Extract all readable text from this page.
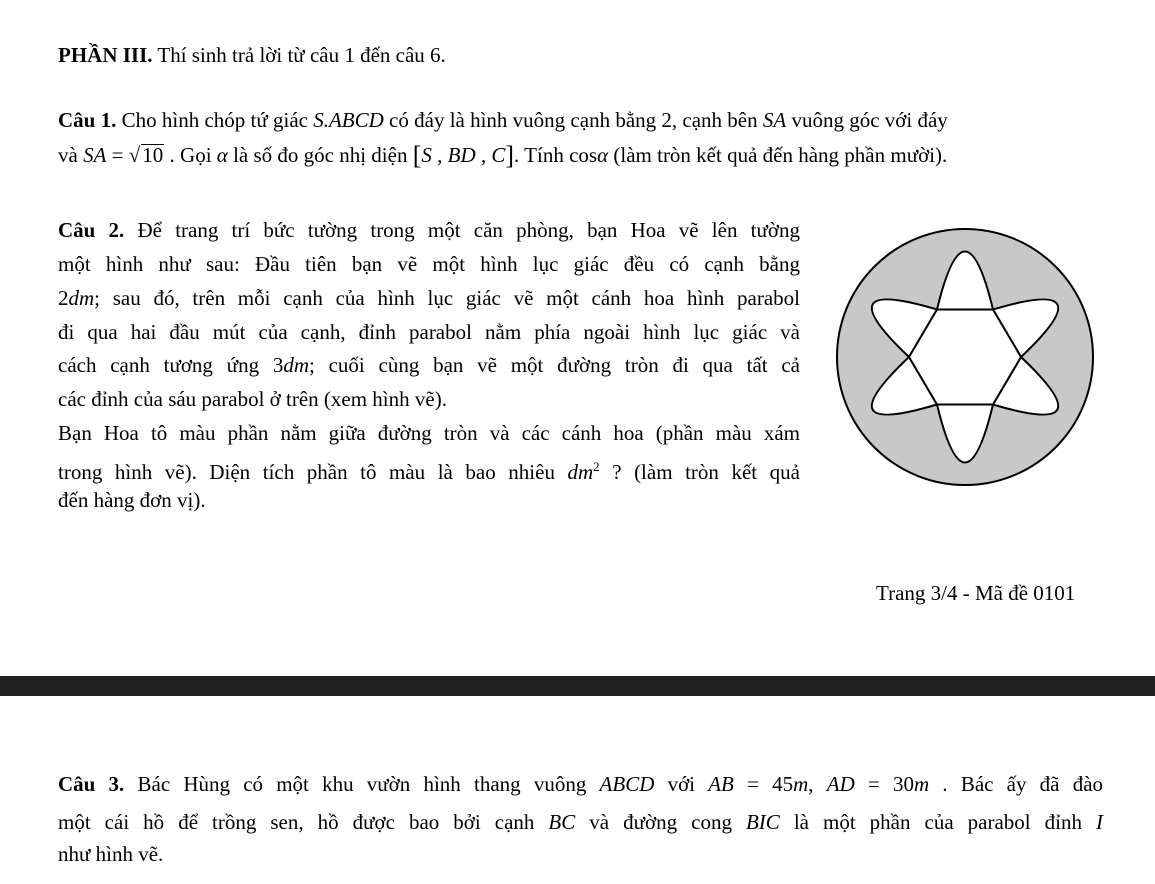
PHẦN III. Thí sinh trả lời từ câu 1 đến câu 6.
Câu 1. Cho hình chóp tứ giác S.ABCD có đáy là hình vuông cạnh bằng 2, cạnh bên SA vuông góc với đáy
và SA = √10 . Gọi α là số đo góc nhị diện [S , BD , C]. Tính cosα (làm tròn kết quả đến hàng phần mười).
Câu 2. Để trang trí bức tường trong một căn phòng, bạn Hoa vẽ lên tường
một hình như sau: Đầu tiên bạn vẽ một hình lục giác đều có cạnh bằng
2dm; sau đó, trên mỗi cạnh của hình lục giác vẽ một cánh hoa hình parabol
đi qua hai đầu mút của cạnh, đỉnh parabol nằm phía ngoài hình lục giác và
cách cạnh tương ứng 3dm; cuối cùng bạn vẽ một đường tròn đi qua tất cả
các đỉnh của sáu parabol ở trên (xem hình vẽ).
Bạn Hoa tô màu phần nằm giữa đường tròn và các cánh hoa (phần màu xám
trong hình vẽ). Diện tích phần tô màu là bao nhiêu $dm^2$ ? (làm tròn kết quả
đến hàng đơn vị).
Trang 3/4 - Mã đề 0101
Câu 3. Bác Hùng có một khu vườn hình thang vuông ABCD với AB = 45m, AD = 30m . Bác ấy đã đào
một cái hồ để trồng sen, hồ được bao bởi cạnh BC và đường cong BIC là một phần của parabol đỉnh I
như hình vẽ.
